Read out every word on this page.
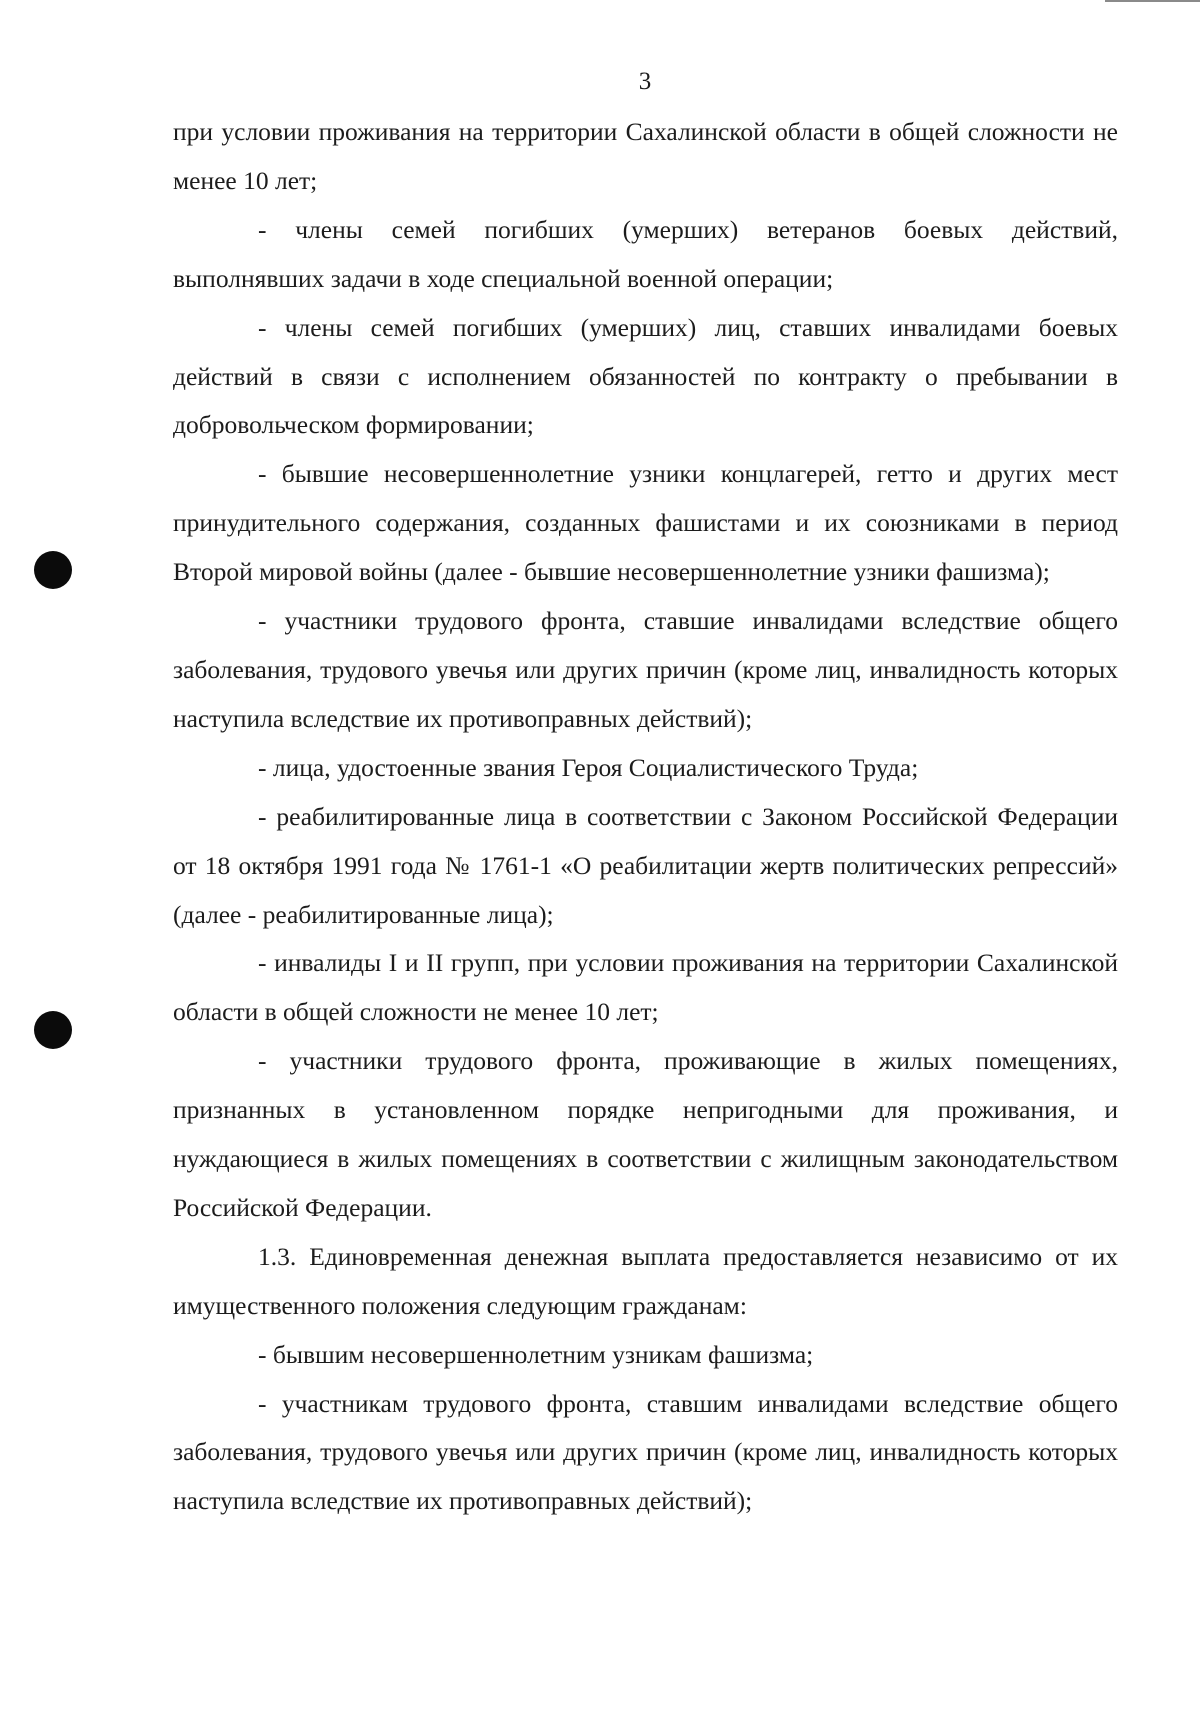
3

при условии проживания на территории Сахалинской области в общей сложности не менее 10 лет;

- члены семей погибших (умерших) ветеранов боевых действий, выполнявших задачи в ходе специальной военной операции;

- члены семей погибших (умерших) лиц, ставших инвалидами боевых действий в связи с исполнением обязанностей по контракту о пребывании в добровольческом формировании;

- бывшие несовершеннолетние узники концлагерей, гетто и других мест принудительного содержания, созданных фашистами и их союзниками в период Второй мировой войны (далее - бывшие несовершеннолетние узники фашизма);

- участники трудового фронта, ставшие инвалидами вследствие общего заболевания, трудового увечья или других причин (кроме лиц, инвалидность которых наступила вследствие их противоправных действий);

- лица, удостоенные звания Героя Социалистического Труда;

- реабилитированные лица в соответствии с Законом Российской Федерации от 18 октября 1991 года № 1761-1 «О реабилитации жертв политических репрессий» (далее - реабилитированные лица);

- инвалиды I и II групп, при условии проживания на территории Сахалинской области в общей сложности не менее 10 лет;

- участники трудового фронта, проживающие в жилых помещениях, признанных в установленном порядке непригодными для проживания, и нуждающиеся в жилых помещениях в соответствии с жилищным законодательством Российской Федерации.

1.3. Единовременная денежная выплата предоставляется независимо от их имущественного положения следующим гражданам:

- бывшим несовершеннолетним узникам фашизма;

- участникам трудового фронта, ставшим инвалидами вследствие общего заболевания, трудового увечья или других причин (кроме лиц, инвалидность которых наступила вследствие их противоправных действий);
